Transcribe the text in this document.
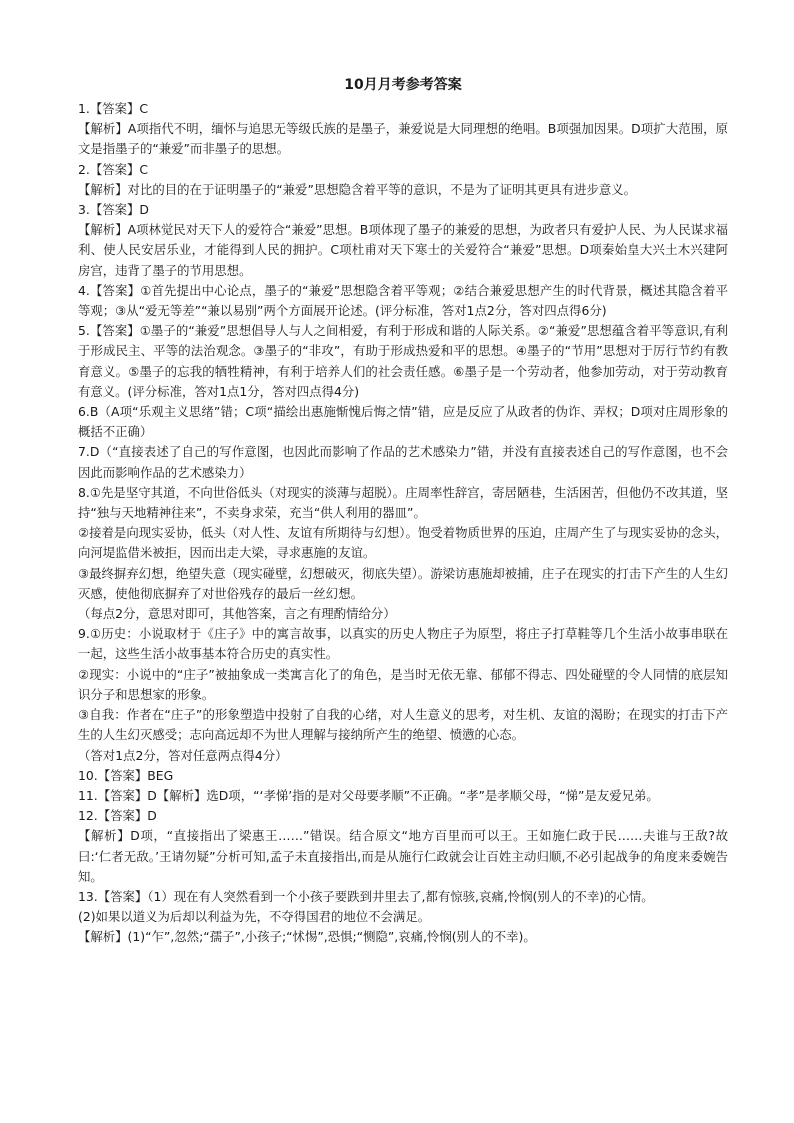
10月月考参考答案

1.【答案】C

【解析】A项指代不明，缅怀与追思无等级氏族的是墨子，兼爱说是大同理想的绝唱。B项强加因果。D项扩大范围，原文是指墨子的“兼爱”而非墨子的思想。

2.【答案】C

【解析】对比的目的在于证明墨子的“兼爱”思想隐含着平等的意识，不是为了证明其更具有进步意义。

3.【答案】D

【解析】A项林觉民对天下人的爱符合“兼爱”思想。B项体现了墨子的兼爱的思想，为政者只有爱护人民、为人民谋求福利、使人民安居乐业，才能得到人民的拥护。C项杜甫对天下寒士的关爱符合“兼爱”思想。D项秦始皇大兴土木兴建阿房宫，违背了墨子的节用思想。

4.【答案】①首先提出中心论点，墨子的“兼爱”思想隐含着平等观；②结合兼爱思想产生的时代背景，概述其隐含着平等观；③从“爱无等差”“兼以易别”两个方面展开论述。(评分标准，答对1点2分，答对四点得6分)

5.【答案】①墨子的“兼爱”思想倡导人与人之间相爱，有利于形成和谐的人际关系。②“兼爱”思想蕴含着平等意识,有利于形成民主、平等的法治观念。③墨子的“非攻”，有助于形成热爱和平的思想。④墨子的“节用”思想对于厉行节约有教育意义。⑤墨子的忘我的牺牲精神，有利于培养人们的社会责任感。⑥墨子是一个劳动者，他参加劳动，对于劳动教育有意义。(评分标准，答对1点1分，答对四点得4分)

6.B（A项“乐观主义思绪”错；C项“描绘出惠施惭愧后悔之情”错，应是反应了从政者的伪诈、弄权；D项对庄周形象的概括不正确）

7.D（“直接表述了自己的写作意图，也因此而影响了作品的艺术感染力”错，并没有直接表述自己的写作意图，也不会因此而影响作品的艺术感染力）

8.①先是坚守其道，不向世俗低头（对现实的淡薄与超脱）。庄周率性辞宫，寄居陋巷，生活困苦，但他仍不改其道，坚持“独与天地精神往来”，不卖身求荣，充当“供人利用的器皿”。

②接着是向现实妥协，低头（对人性、友谊有所期待与幻想）。饱受着物质世界的压迫，庄周产生了与现实妥协的念头，向河堤监借米被拒，因而出走大梁，寻求惠施的友谊。

③最终摒弃幻想，绝望失意（现实碰壁，幻想破灭，彻底失望）。游梁访惠施却被捕，庄子在现实的打击下产生的人生幻灭感，使他彻底摒弃了对世俗残存的最后一丝幻想。

（每点2分，意思对即可，其他答案，言之有理酌情给分）

9.①历史：小说取材于《庄子》中的寓言故事，以真实的历史人物庄子为原型，将庄子打草鞋等几个生活小故事串联在一起，这些生活小故事基本符合历史的真实性。

②现实：小说中的“庄子”被抽象成一类寓言化了的角色，是当时无依无靠、郁郁不得志、四处碰壁的令人同情的底层知识分子和思想家的形象。

③自我：作者在“庄子”的形象塑造中投射了自我的心绪，对人生意义的思考，对生机、友谊的渴盼；在现实的打击下产生的人生幻灭感受；志向高远却不为世人理解与接纳所产生的绝望、愤懑的心态。

（答对1点2分，答对任意两点得4分）

10.【答案】BEG

11.【答案】D【解析】选D项，“‘孝悌’指的是对父母要孝顺”不正确。“孝”是孝顺父母，“悌”是友爱兄弟。

12.【答案】D

【解析】D项，“直接指出了梁惠王……”错误。结合原文“地方百里而可以王。王如施仁政于民……夫谁与王敌?故曰:‘仁者无敌。’王请勿疑”分析可知,孟子未直接指出,而是从施行仁政就会让百姓主动归顺,不必引起战争的角度来委婉告知。

13.【答案】（1）现在有人突然看到一个小孩子要跌到井里去了,都有惊骇,哀痛,怜悯(别人的不幸)的心情。

(2)如果以道义为后却以利益为先，不夺得国君的地位不会满足。

【解析】(1)“乍”,忽然;“孺子”,小孩子;“怵惕”,恐惧;“恻隐”,哀痛,怜悯(别人的不幸)。
